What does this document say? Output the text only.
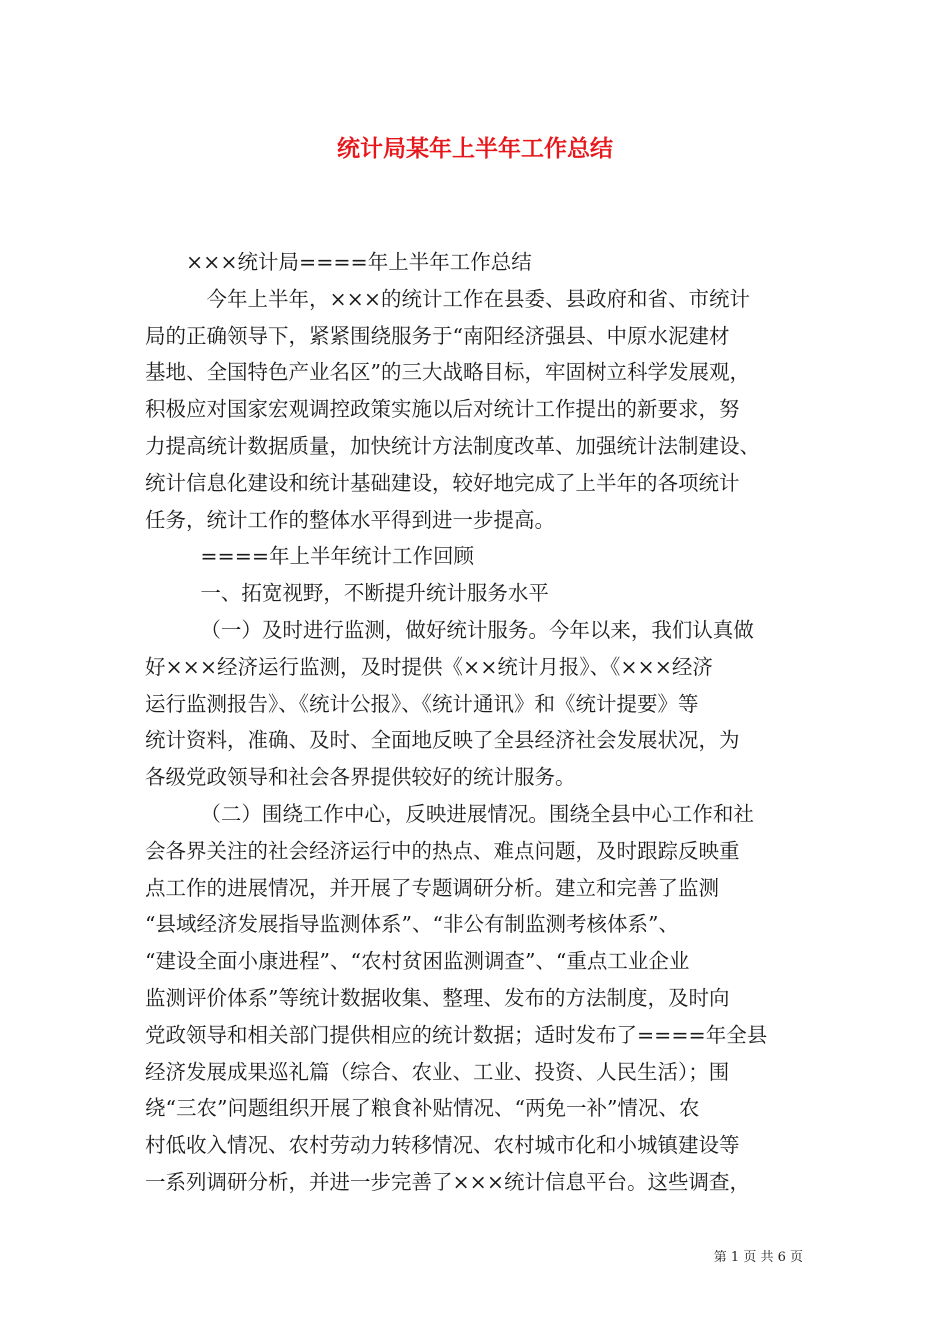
统计局某年上半年工作总结
×××统计局====年上半年工作总结
今年上半年，×××的统计工作在县委、县政府和省、市统计
局的正确领导下，紧紧围绕服务于“南阳经济强县、中原水泥建材
基地、全国特色产业名区”的三大战略目标，牢固树立科学发展观，
积极应对国家宏观调控政策实施以后对统计工作提出的新要求，努
力提高统计数据质量，加快统计方法制度改革、加强统计法制建设、
统计信息化建设和统计基础建设，较好地完成了上半年的各项统计
任务，统计工作的整体水平得到进一步提高。
====年上半年统计工作回顾
一、拓宽视野，不断提升统计服务水平
（一）及时进行监测，做好统计服务。今年以来，我们认真做
好×××经济运行监测，及时提供《××统计月报》、《×××经济
运行监测报告》、《统计公报》、《统计通讯》和《统计提要》等
统计资料，准确、及时、全面地反映了全县经济社会发展状况，为
各级党政领导和社会各界提供较好的统计服务。
（二）围绕工作中心，反映进展情况。围绕全县中心工作和社
会各界关注的社会经济运行中的热点、难点问题，及时跟踪反映重
点工作的进展情况，并开展了专题调研分析。建立和完善了监测
“县域经济发展指导监测体系”、“非公有制监测考核体系”、
“建设全面小康进程”、“农村贫困监测调查”、“重点工业企业
监测评价体系”等统计数据收集、整理、发布的方法制度，及时向
党政领导和相关部门提供相应的统计数据；适时发布了====年全县
经济发展成果巡礼篇（综合、农业、工业、投资、人民生活）；围
绕“三农”问题组织开展了粮食补贴情况、“两免一补”情况、农
村低收入情况、农村劳动力转移情况、农村城市化和小城镇建设等
一系列调研分析，并进一步完善了×××统计信息平台。这些调查，
第 1 页 共 6 页
